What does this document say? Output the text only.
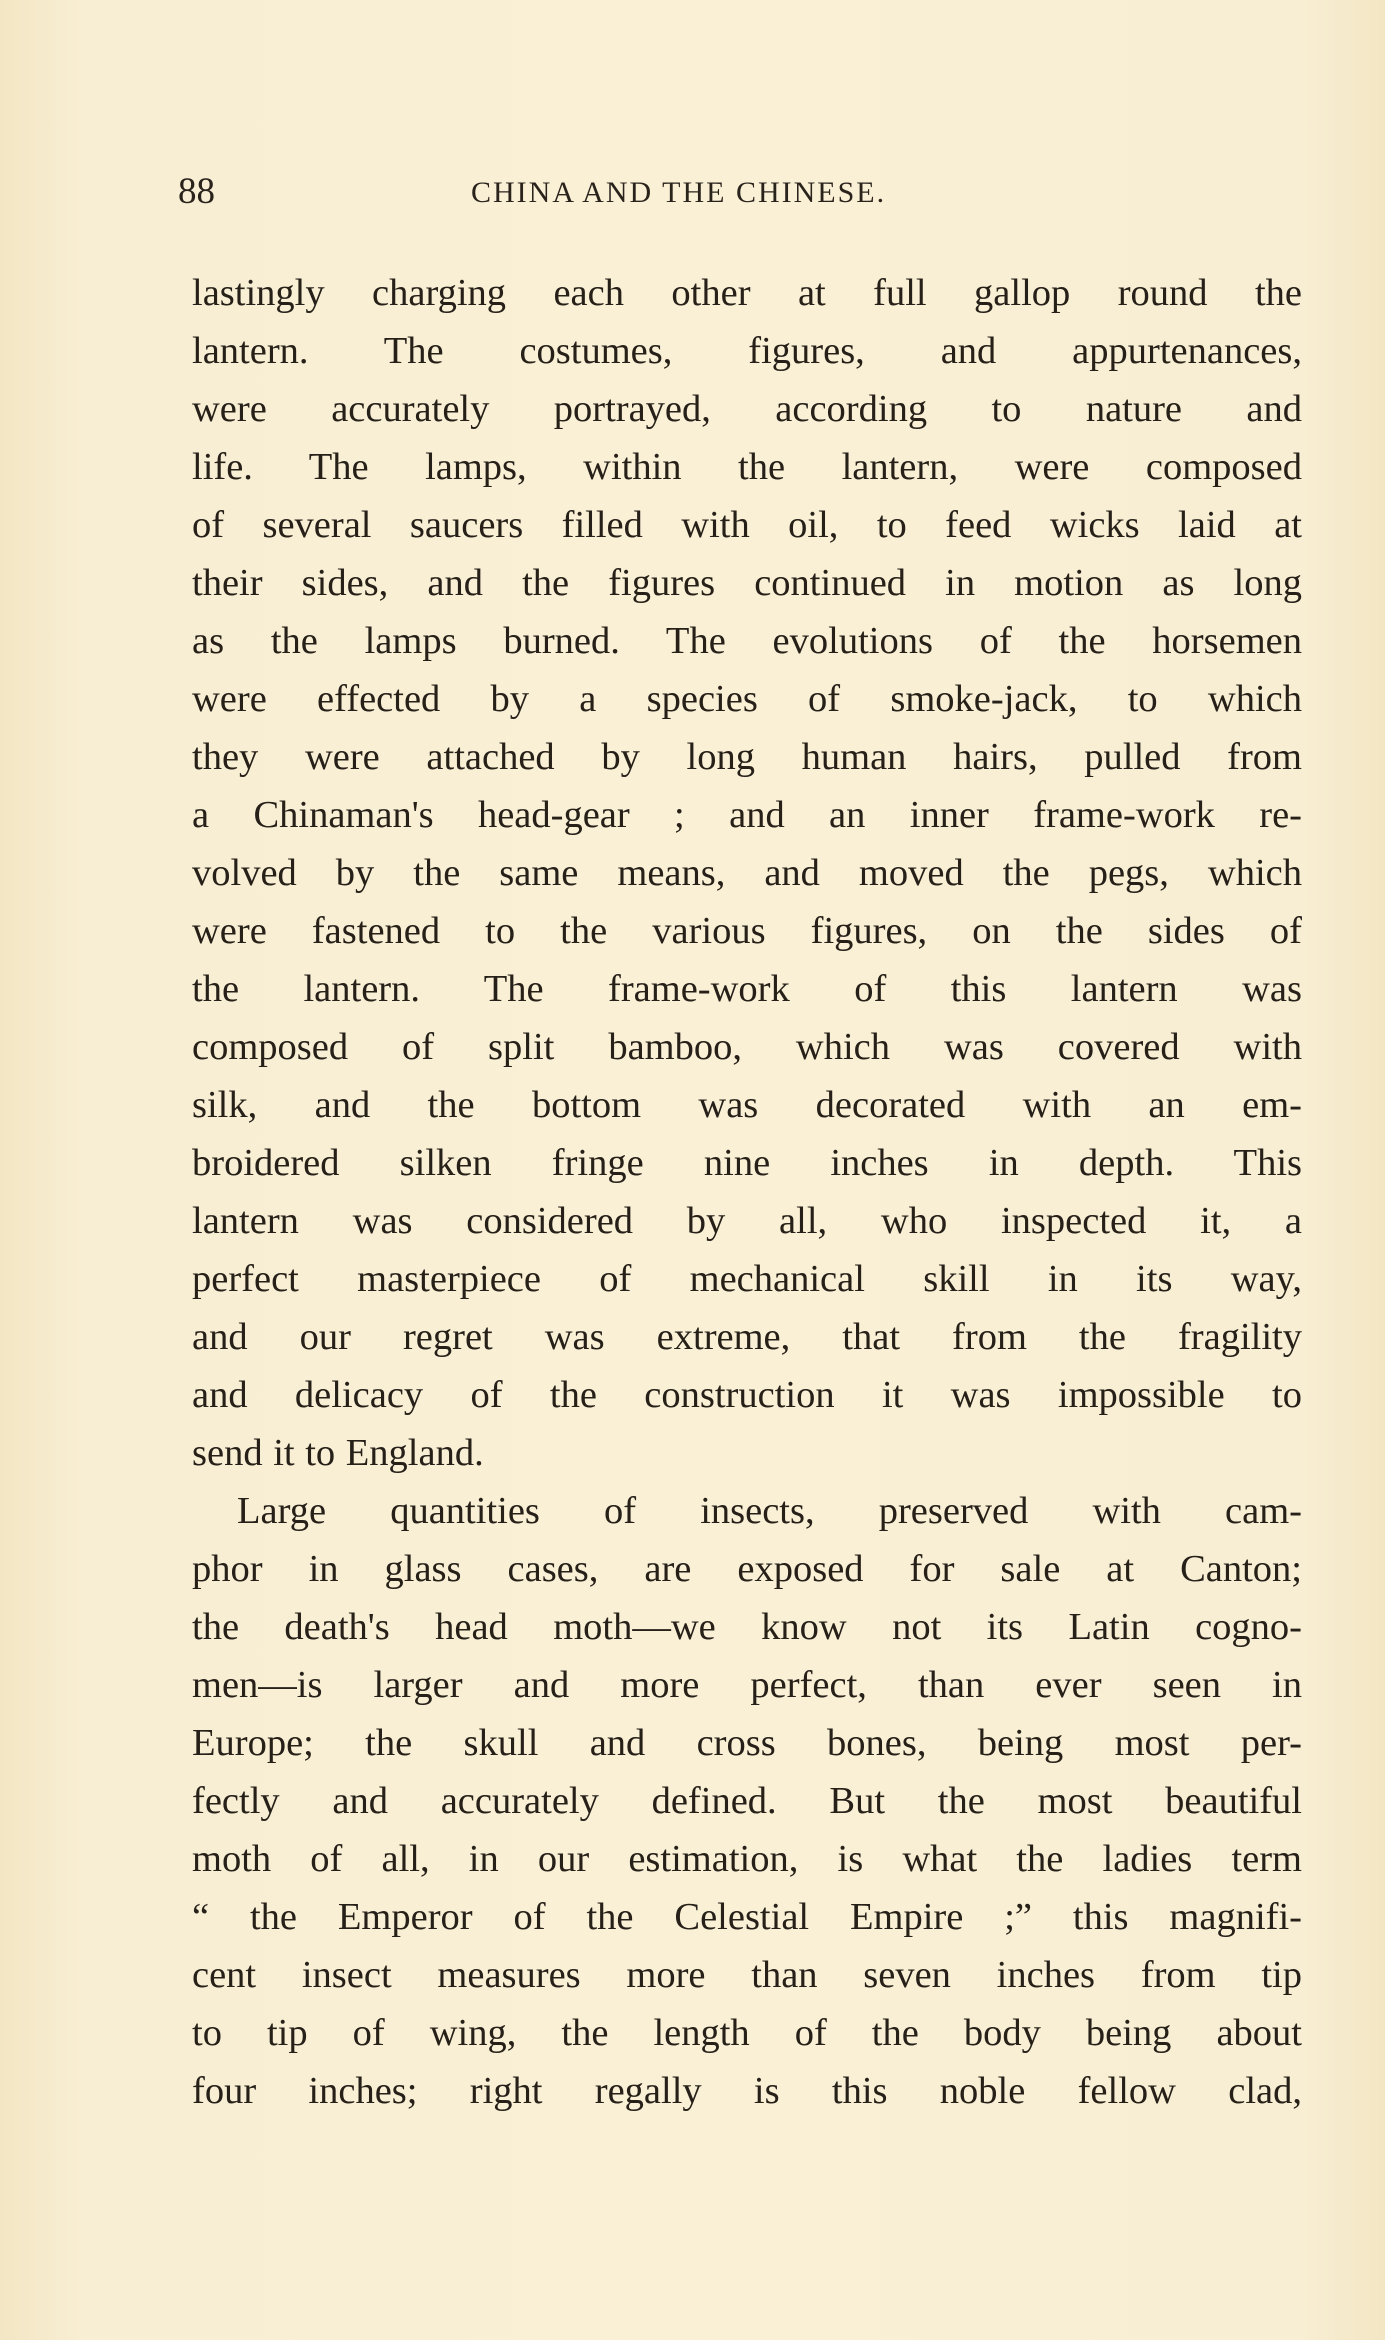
88	CHINA AND THE CHINESE.
lastingly charging each other at full gallop round the
lantern. The costumes, figures, and appurtenances,
were accurately portrayed, according to nature and
life. The lamps, within the lantern, were composed
of several saucers filled with oil, to feed wicks laid at
their sides, and the figures continued in motion as long
as the lamps burned. The evolutions of the horsemen
were effected by a species of smoke-jack, to which
they were attached by long human hairs, pulled from
a Chinaman's head-gear ; and an inner frame-work re-
volved by the same means, and moved the pegs, which
were fastened to the various figures, on the sides of
the lantern. The frame-work of this lantern was
composed of split bamboo, which was covered with
silk, and the bottom was decorated with an em-
broidered silken fringe nine inches in depth. This
lantern was considered by all, who inspected it, a
perfect masterpiece of mechanical skill in its way,
and our regret was extreme, that from the fragility
and delicacy of the construction it was impossible to
send it to England.
Large quantities of insects, preserved with cam-
phor in glass cases, are exposed for sale at Canton;
the death's head moth—we know not its Latin cogno-
men—is larger and more perfect, than ever seen in
Europe; the skull and cross bones, being most per-
fectly and accurately defined. But the most beautiful
moth of all, in our estimation, is what the ladies term
“ the Emperor of the Celestial Empire ;” this magnifi-
cent insect measures more than seven inches from tip
to tip of wing, the length of the body being about
four inches; right regally is this noble fellow clad,
